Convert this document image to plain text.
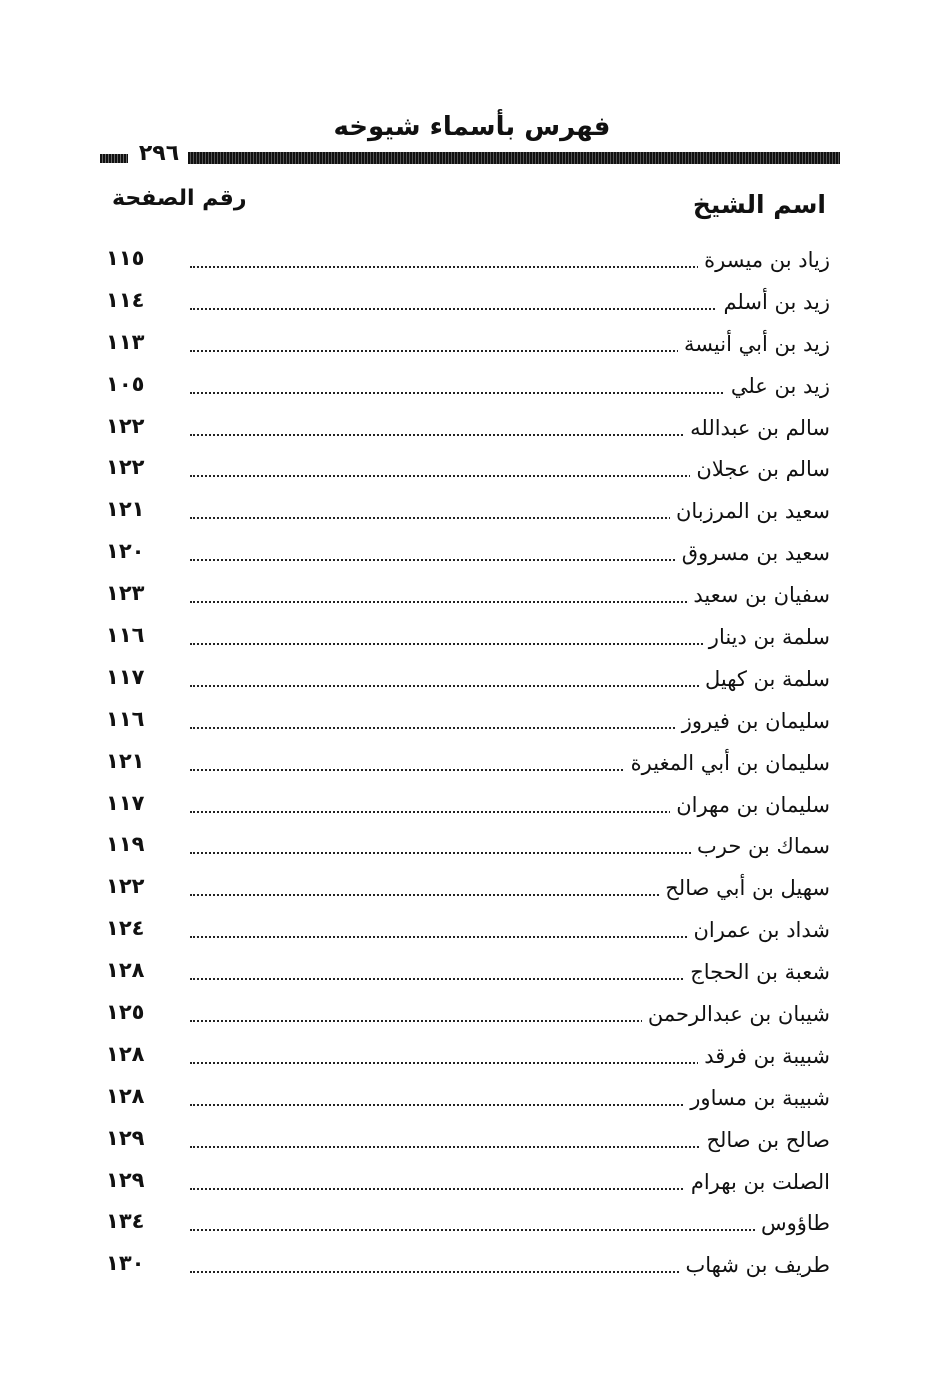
فهرس بأسماء شيوخه
٢٩٦
اسم الشيخ
رقم الصفحة
زياد بن ميسرة
١١٥
زيد بن أسلم
١١٤
زيد بن أبي أنيسة
١١٣
زيد بن علي
١٠٥
سالم بن عبدالله
١٢٢
سالم بن عجلان
١٢٢
سعيد بن المرزبان
١٢١
سعيد بن مسروق
١٢٠
سفيان بن سعيد
١٢٣
سلمة بن دينار
١١٦
سلمة بن كهيل
١١٧
سليمان بن فيروز
١١٦
سليمان بن أبي المغيرة
١٢١
سليمان بن مهران
١١٧
سماك بن حرب
١١٩
سهيل بن أبي صالح
١٢٢
شداد بن عمران
١٢٤
شعبة بن الحجاج
١٢٨
شيبان بن عبدالرحمن
١٢٥
شبيبة بن فرقد
١٢٨
شبيبة بن مساور
١٢٨
صالح بن صالح
١٢٩
الصلت بن بهرام
١٢٩
طاؤوس
١٣٤
طريف بن شهاب
١٣٠
